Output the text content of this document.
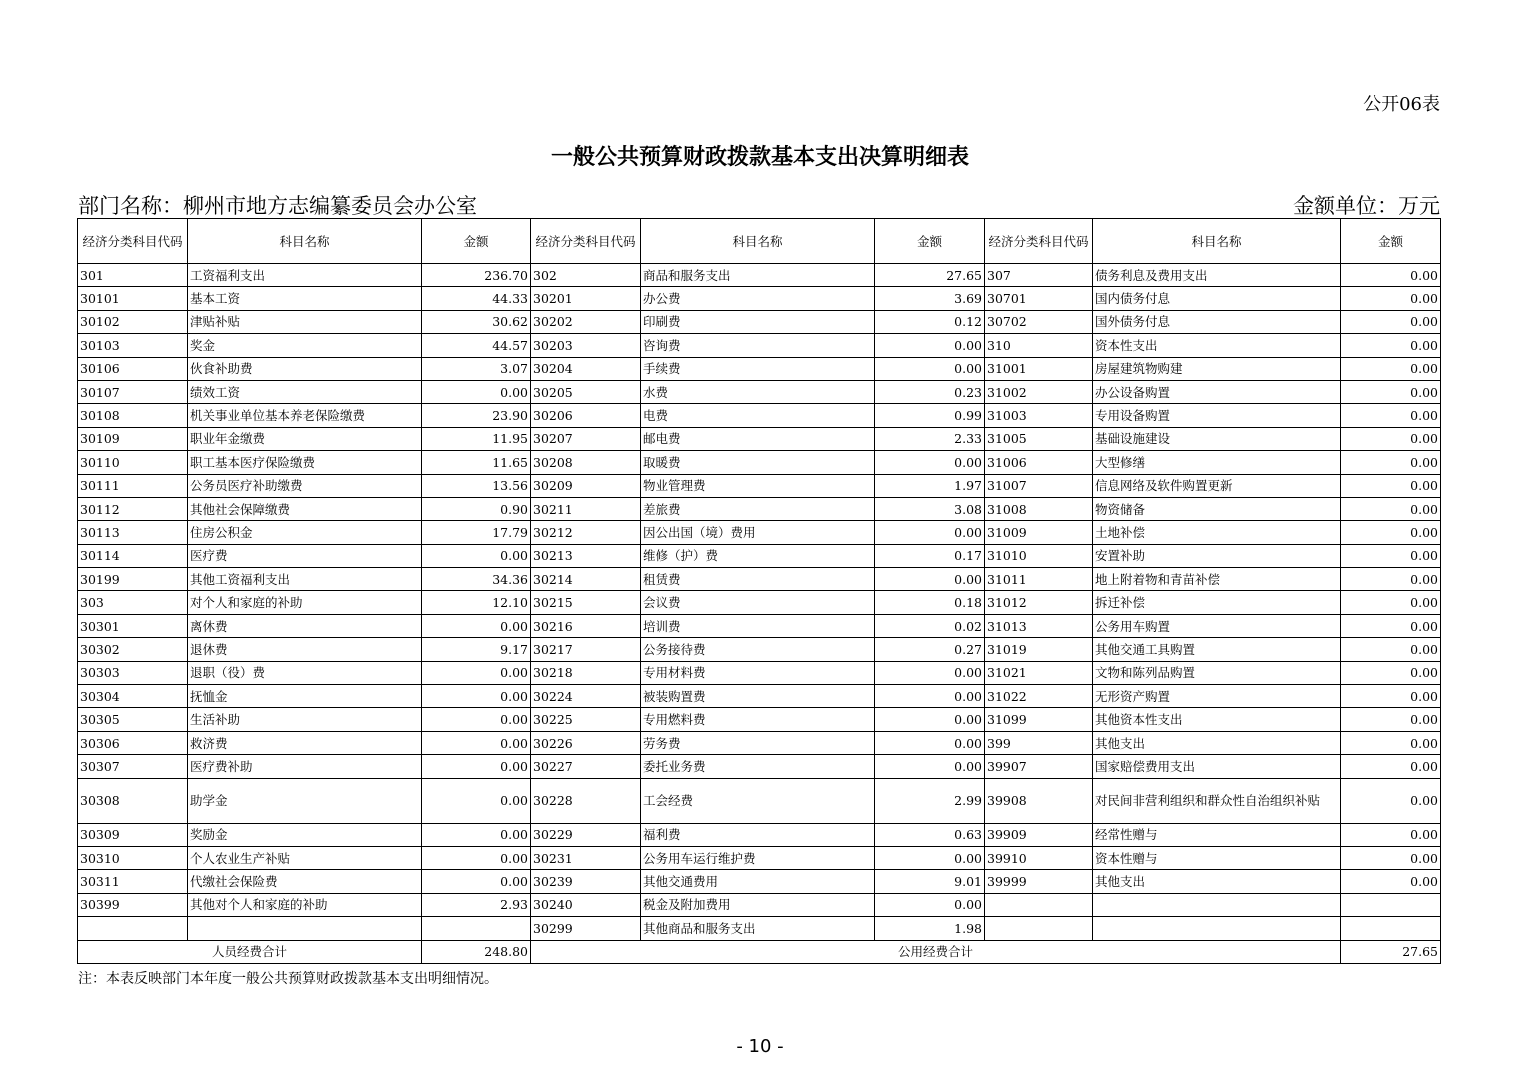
公开06表
一般公共预算财政拨款基本支出决算明细表
部门名称：柳州市地方志编纂委员会办公室	金额单位：万元
经济分类科目代码	科目名称	金额	经济分类科目代码	科目名称	金额	经济分类科目代码	科目名称	金额
301	工资福利支出	236.70	302	商品和服务支出	27.65	307	债务利息及费用支出	0.00
30101	基本工资	44.33	30201	办公费	3.69	30701	国内债务付息	0.00
30102	津贴补贴	30.62	30202	印刷费	0.12	30702	国外债务付息	0.00
30103	奖金	44.57	30203	咨询费	0.00	310	资本性支出	0.00
30106	伙食补助费	3.07	30204	手续费	0.00	31001	房屋建筑物购建	0.00
30107	绩效工资	0.00	30205	水费	0.23	31002	办公设备购置	0.00
30108	机关事业单位基本养老保险缴费	23.90	30206	电费	0.99	31003	专用设备购置	0.00
30109	职业年金缴费	11.95	30207	邮电费	2.33	31005	基础设施建设	0.00
30110	职工基本医疗保险缴费	11.65	30208	取暖费	0.00	31006	大型修缮	0.00
30111	公务员医疗补助缴费	13.56	30209	物业管理费	1.97	31007	信息网络及软件购置更新	0.00
30112	其他社会保障缴费	0.90	30211	差旅费	3.08	31008	物资储备	0.00
30113	住房公积金	17.79	30212	因公出国（境）费用	0.00	31009	土地补偿	0.00
30114	医疗费	0.00	30213	维修（护）费	0.17	31010	安置补助	0.00
30199	其他工资福利支出	34.36	30214	租赁费	0.00	31011	地上附着物和青苗补偿	0.00
303	对个人和家庭的补助	12.10	30215	会议费	0.18	31012	拆迁补偿	0.00
30301	离休费	0.00	30216	培训费	0.02	31013	公务用车购置	0.00
30302	退休费	9.17	30217	公务接待费	0.27	31019	其他交通工具购置	0.00
30303	退职（役）费	0.00	30218	专用材料费	0.00	31021	文物和陈列品购置	0.00
30304	抚恤金	0.00	30224	被装购置费	0.00	31022	无形资产购置	0.00
30305	生活补助	0.00	30225	专用燃料费	0.00	31099	其他资本性支出	0.00
30306	救济费	0.00	30226	劳务费	0.00	399	其他支出	0.00
30307	医疗费补助	0.00	30227	委托业务费	0.00	39907	国家赔偿费用支出	0.00
30308	助学金	0.00	30228	工会经费	2.99	39908	对民间非营利组织和群众性自治组织补贴	0.00
30309	奖励金	0.00	30229	福利费	0.63	39909	经常性赠与	0.00
30310	个人农业生产补贴	0.00	30231	公务用车运行维护费	0.00	39910	资本性赠与	0.00
30311	代缴社会保险费	0.00	30239	其他交通费用	9.01	39999	其他支出	0.00
30399	其他对个人和家庭的补助	2.93	30240	税金及附加费用	0.00			
			30299	其他商品和服务支出	1.98			
人员经费合计		248.80	公用经费合计					27.65
注：本表反映部门本年度一般公共预算财政拨款基本支出明细情况。
- 10 -
